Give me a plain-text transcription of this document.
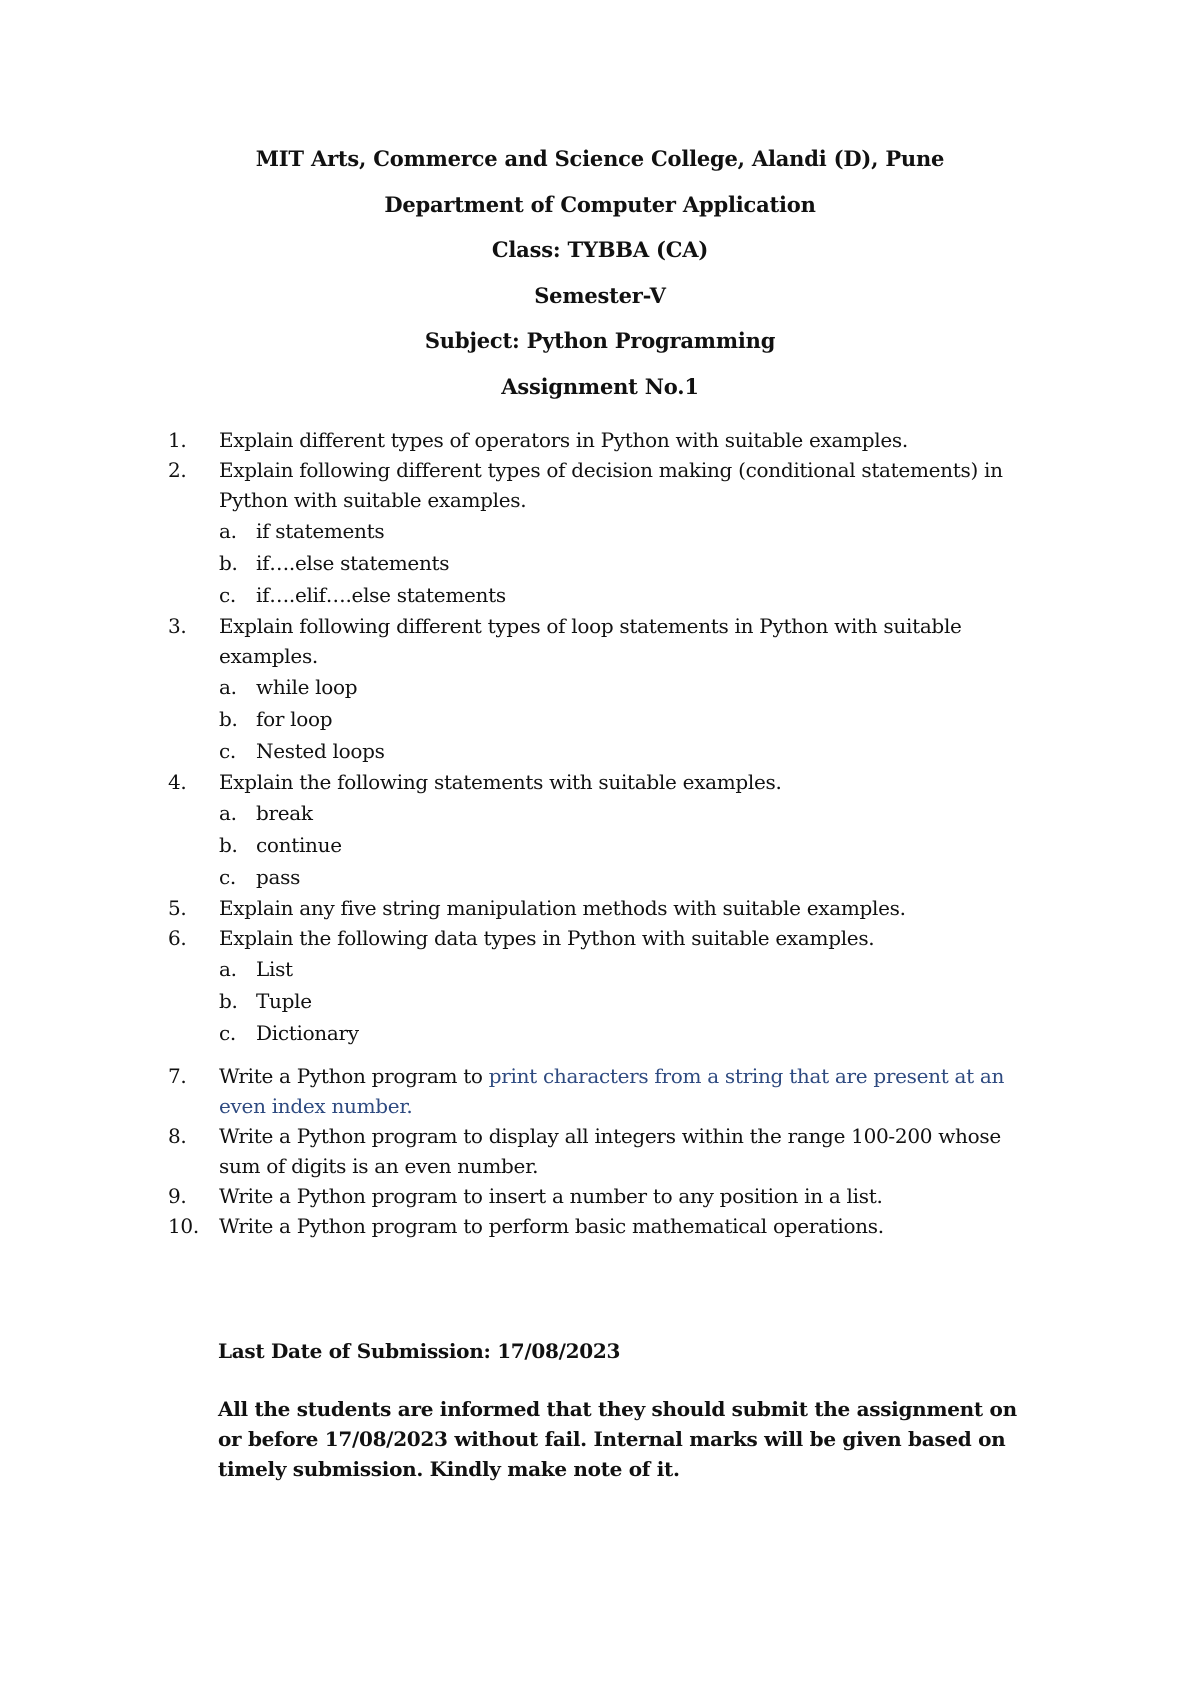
MIT Arts, Commerce and Science College, Alandi (D), Pune
Department of Computer Application
Class: TYBBA (CA)
Semester-V
Subject: Python Programming
Assignment No.1
1. Explain different types of operators in Python with suitable examples.
2. Explain following different types of decision making (conditional statements) in Python with suitable examples.
a. if statements
b. if….else statements
c. if….elif….else statements
3. Explain following different types of loop statements in Python with suitable examples.
a. while loop
b. for loop
c. Nested loops
4. Explain the following statements with suitable examples.
a. break
b. continue
c. pass
5. Explain any five string manipulation methods with suitable examples.
6. Explain the following data types in Python with suitable examples.
a. List
b. Tuple
c. Dictionary
7. Write a Python program to print characters from a string that are present at an even index number.
8. Write a Python program to display all integers within the range 100-200 whose sum of digits is an even number.
9. Write a Python program to insert a number to any position in a list.
10. Write a Python program to perform basic mathematical operations.
Last Date of Submission: 17/08/2023
All the students are informed that they should submit the assignment on or before 17/08/2023 without fail. Internal marks will be given based on timely submission. Kindly make note of it.
